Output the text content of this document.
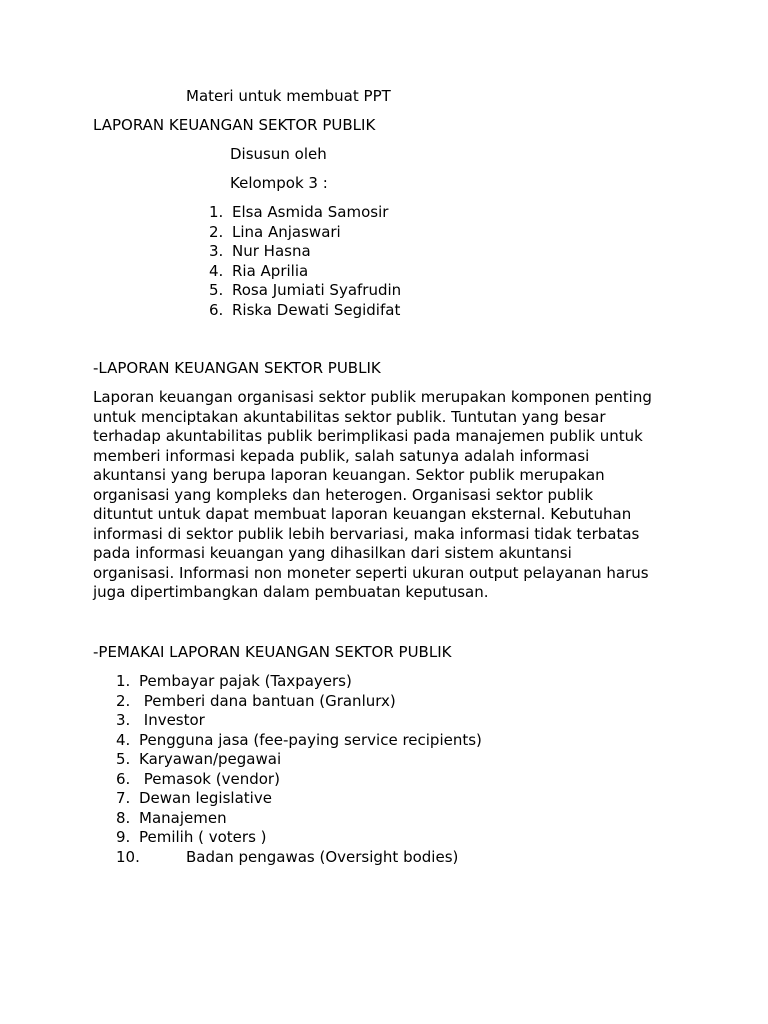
Materi untuk membuat PPT
LAPORAN KEUANGAN SEKTOR PUBLIK
Disusun oleh
Kelompok 3 :
1. Elsa Asmida Samosir
2. Lina Anjaswari
3. Nur Hasna
4. Ria Aprilia
5. Rosa Jumiati Syafrudin
6. Riska Dewati Segidifat
-LAPORAN KEUANGAN SEKTOR PUBLIK
Laporan keuangan organisasi sektor publik merupakan komponen penting
untuk menciptakan akuntabilitas sektor publik. Tuntutan yang besar
terhadap akuntabilitas publik berimplikasi pada manajemen publik untuk
memberi informasi kepada publik, salah satunya adalah informasi
akuntansi yang berupa laporan keuangan. Sektor publik merupakan
organisasi yang kompleks dan heterogen. Organisasi sektor publik
dituntut untuk dapat membuat laporan keuangan eksternal. Kebutuhan
informasi di sektor publik lebih bervariasi, maka informasi tidak terbatas
pada informasi keuangan yang dihasilkan dari sistem akuntansi
organisasi. Informasi non moneter seperti ukuran output pelayanan harus
juga dipertimbangkan dalam pembuatan keputusan.
-PEMAKAI LAPORAN KEUANGAN SEKTOR PUBLIK
1. Pembayar pajak (Taxpayers)
2. Pemberi dana bantuan (Granlurx)
3. Investor
4. Pengguna jasa (fee-paying service recipients)
5. Karyawan/pegawai
6. Pemasok (vendor)
7. Dewan legislative
8. Manajemen
9. Pemilih ( voters )
10.	Badan pengawas (Oversight bodies)
